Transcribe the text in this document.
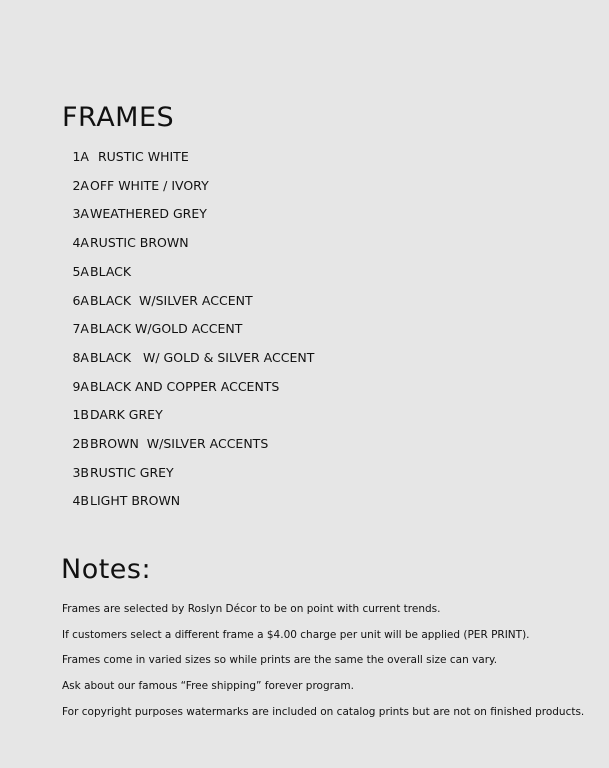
FRAMES
1A RUSTIC WHITE
2A OFF WHITE / IVORY
3A WEATHERED GREY
4A RUSTIC BROWN
5A BLACK
6A BLACK  W/SILVER ACCENT
7A BLACK W/GOLD ACCENT
8A BLACK   W/ GOLD & SILVER ACCENT
9A BLACK AND COPPER ACCENTS
1B DARK GREY
2B BROWN  W/SILVER ACCENTS
3B RUSTIC GREY
4B LIGHT BROWN
Notes:
Frames are selected by Roslyn Décor to be on point with current trends.
If customers select a different frame a $4.00 charge per unit will be applied (PER PRINT).
Frames come in varied sizes so while prints are the same the overall size can vary.
Ask about our famous “Free shipping” forever program.
For copyright purposes watermarks are included on catalog prints but are not on finished products.
